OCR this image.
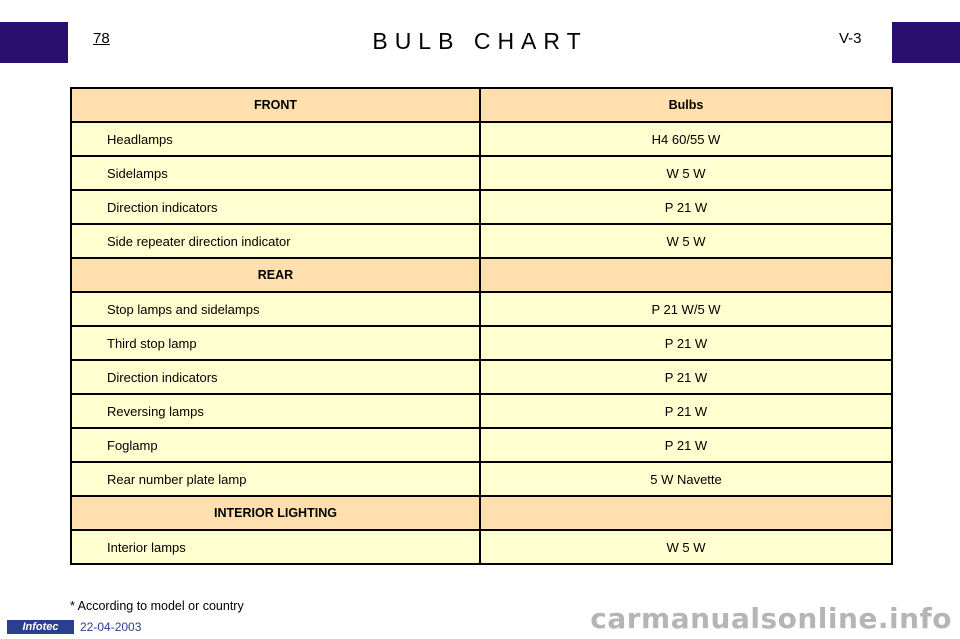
78	BULB CHART	V-3
FRONT	Bulbs
Headlamps	H4 60/55 W
Sidelamps	W 5 W
Direction indicators	P 21 W
Side repeater direction indicator	W 5 W
REAR	
Stop lamps and sidelamps	P 21 W/5 W
Third stop lamp	P 21 W
Direction indicators	P 21 W
Reversing lamps	P 21 W
Foglamp	P 21 W
Rear number plate lamp	5 W Navette
INTERIOR LIGHTING	
Interior lamps	W 5 W
* According to model or country
Infotec	22-04-2003	carmanualsonline.info
